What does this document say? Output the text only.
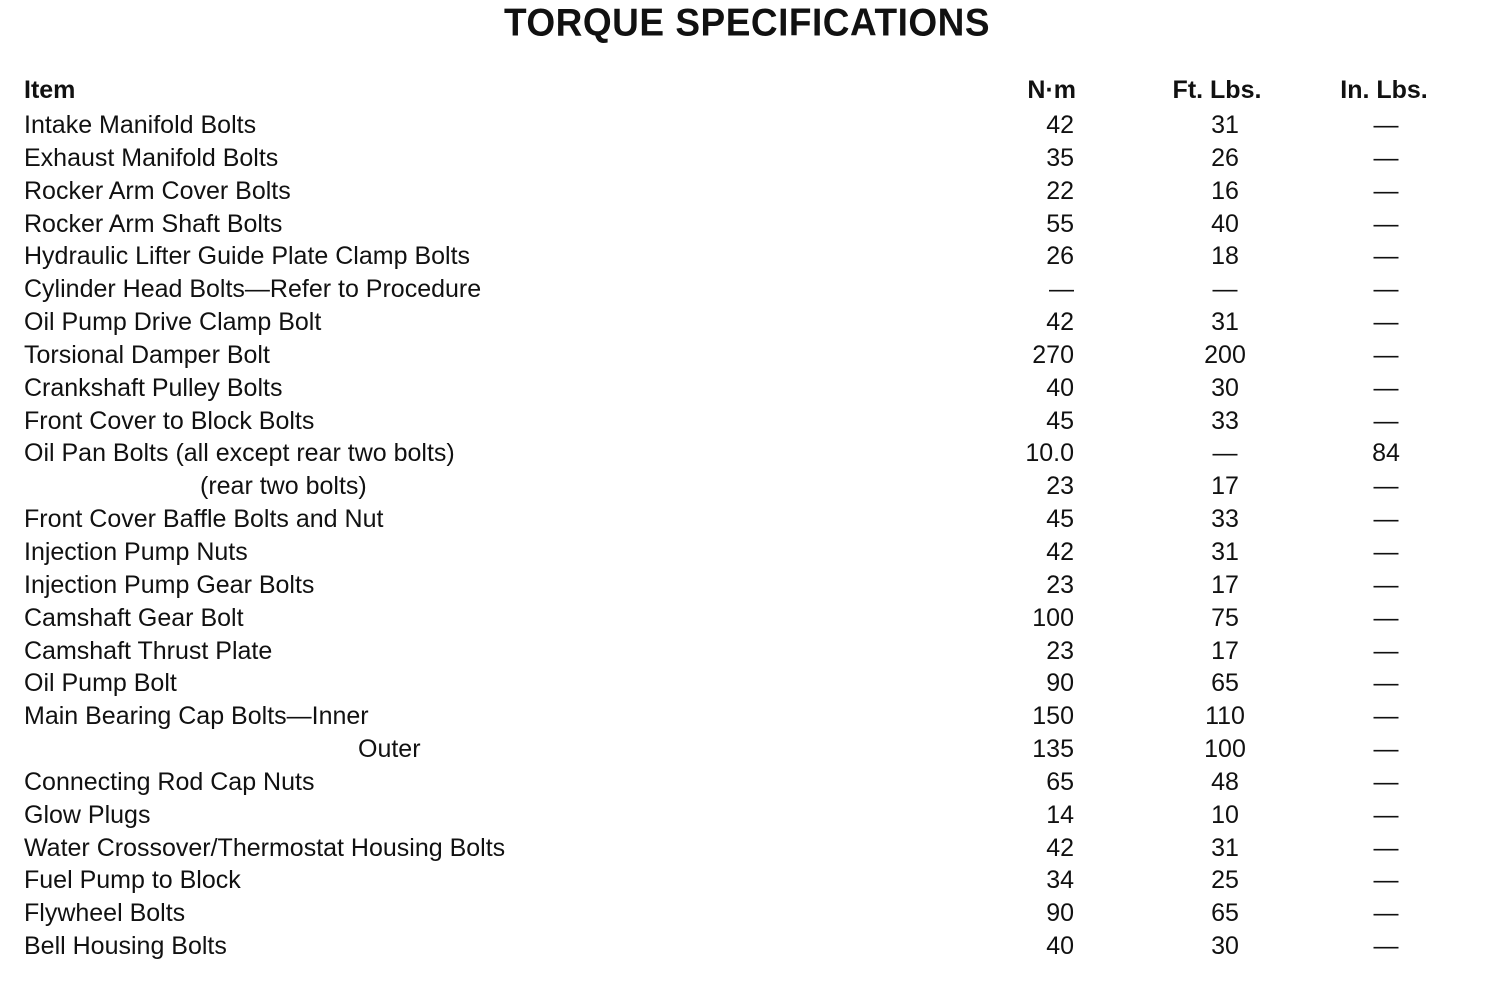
TORQUE SPECIFICATIONS
Item	N·m	Ft. Lbs.	In. Lbs.
Intake Manifold Bolts	42	31	—
Exhaust Manifold Bolts	35	26	—
Rocker Arm Cover Bolts	22	16	—
Rocker Arm Shaft Bolts	55	40	—
Hydraulic Lifter Guide Plate Clamp Bolts	26	18	—
Cylinder Head Bolts—Refer to Procedure	—	—	—
Oil Pump Drive Clamp Bolt	42	31	—
Torsional Damper Bolt	270	200	—
Crankshaft Pulley Bolts	40	30	—
Front Cover to Block Bolts	45	33	—
Oil Pan Bolts (all except rear two bolts)	10.0	—	84
(rear two bolts)	23	17	—
Front Cover Baffle Bolts and Nut	45	33	—
Injection Pump Nuts	42	31	—
Injection Pump Gear Bolts	23	17	—
Camshaft Gear Bolt	100	75	—
Camshaft Thrust Plate	23	17	—
Oil Pump Bolt	90	65	—
Main Bearing Cap Bolts—Inner	150	110	—
Outer	135	100	—
Connecting Rod Cap Nuts	65	48	—
Glow Plugs	14	10	—
Water Crossover/Thermostat Housing Bolts	42	31	—
Fuel Pump to Block	34	25	—
Flywheel Bolts	90	65	—
Bell Housing Bolts	40	30	—
